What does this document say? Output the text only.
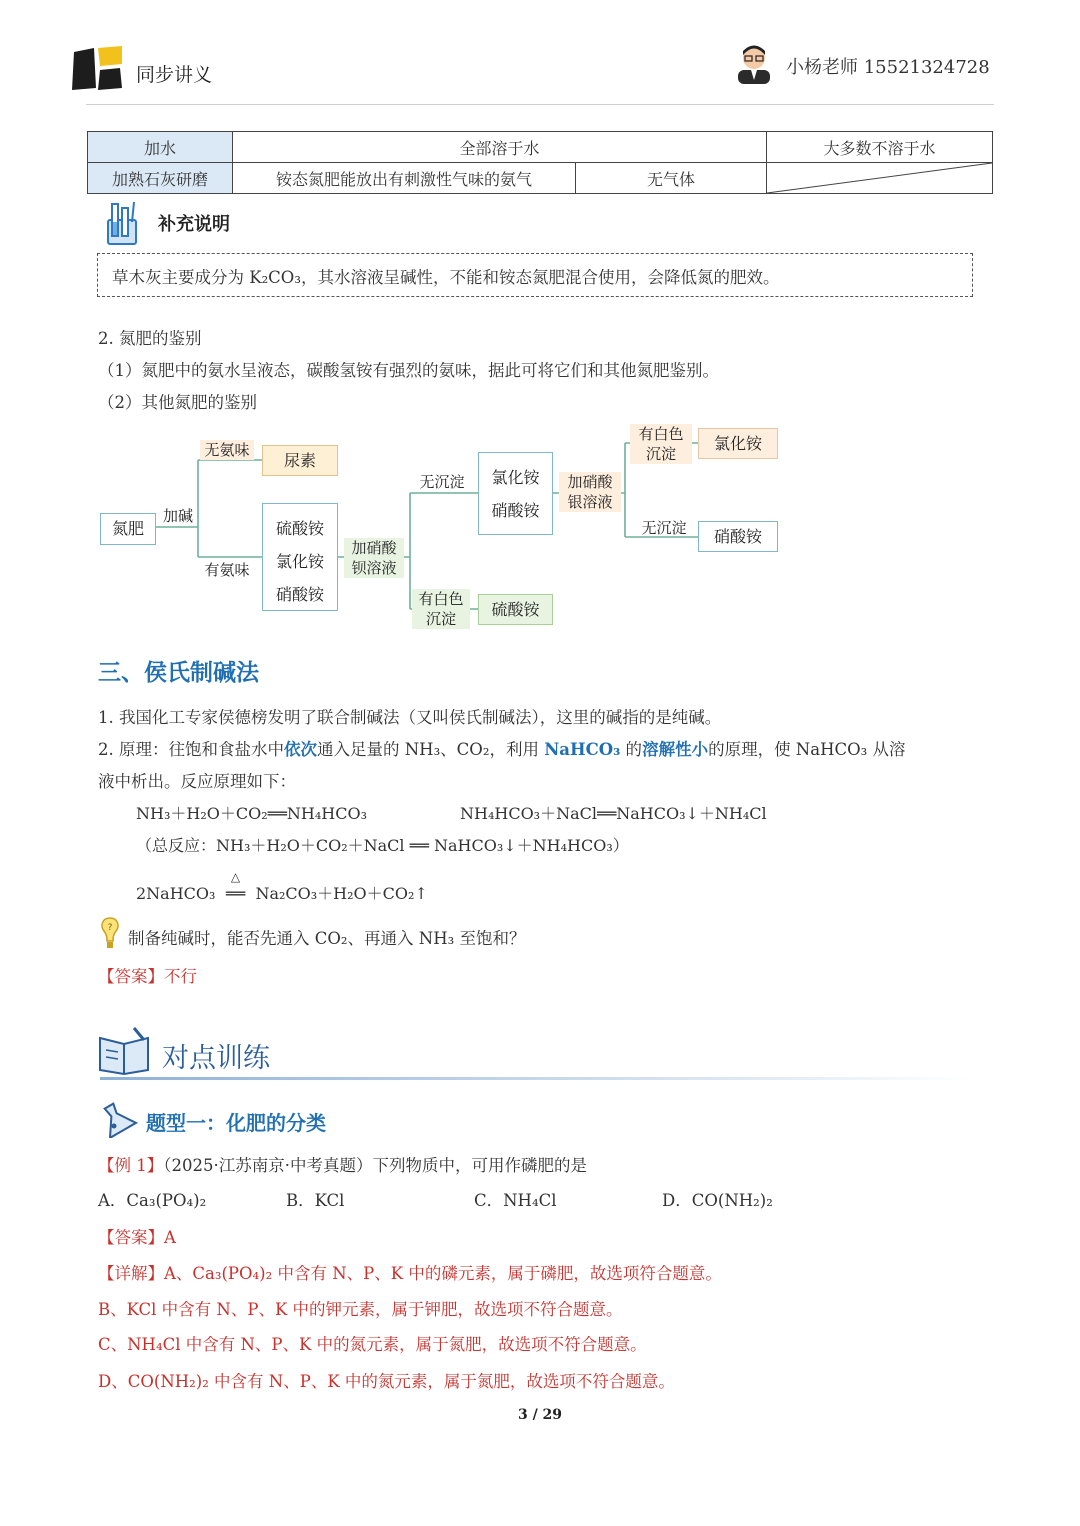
同步讲义	小杨老师 15521324728
加水	全部溶于水		大多数不溶于水
加熟石灰研磨	铵态氮肥能放出有刺激性气味的氨气	无气体	
补充说明
草木灰主要成分为 K₂CO₃，其水溶液呈碱性，不能和铵态氮肥混合使用，会降低氮的肥效。
2. 氮肥的鉴别
（1）氮肥中的氨水呈液态，碳酸氢铵有强烈的氨味，据此可将它们和其他氮肥鉴别。
（2）其他氮肥的鉴别
氮肥
加碱
无氨味
尿素
有氨味
硫酸铵
氯化铵
硝酸铵
加硝酸
钡溶液
无沉淀	氯化铵
硝酸铵
有白色
沉淀	硫酸铵
加硝酸
银溶液
有白色
沉淀
氯化铵
无沉淀	硝酸铵
三、侯氏制碱法
1. 我国化工专家侯德榜发明了联合制碱法（又叫侯氏制碱法），这里的碱指的是纯碱。
2. 原理：往饱和食盐水中依次通入足量的 NH₃、CO₂，利用 NaHCO₃ 的溶解性小的原理，使 NaHCO₃ 从溶
液中析出。反应原理如下：
NH₃＋H₂O＋CO₂══NH₄HCO₃	NH₄HCO₃＋NaCl══NaHCO₃↓＋NH₄Cl
（总反应：NH₃＋H₂O＋CO₂＋NaCl ══ NaHCO₃↓＋NH₄HCO₃）
2NaHCO₃
△
══ Na₂CO₃＋H₂O＋CO₂↑
?
制备纯碱时，能否先通入 CO₂、再通入 NH₃ 至饱和？
【答案】不行
对点训练
题型一：化肥的分类
【例 1】（2025·江苏南京·中考真题）下列物质中，可用作磷肥的是
A．Ca₃(PO₄)₂	B．KCl	C．NH₄Cl	D．CO(NH₂)₂
【答案】A
【详解】A、Ca₃(PO₄)₂ 中含有 N、P、K 中的磷元素，属于磷肥，故选项符合题意。
B、KCl 中含有 N、P、K 中的钾元素，属于钾肥，故选项不符合题意。
C、NH₄Cl 中含有 N、P、K 中的氮元素，属于氮肥，故选项不符合题意。
D、CO(NH₂)₂ 中含有 N、P、K 中的氮元素，属于氮肥，故选项不符合题意。
3 / 29
